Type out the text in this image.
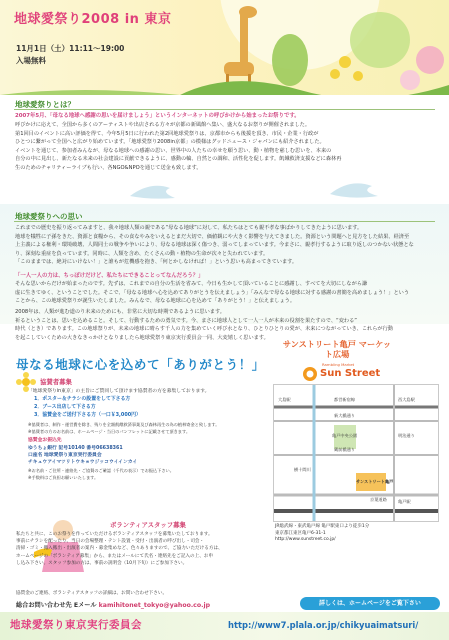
地球愛祭り2008 in 東京
11月1日（土）11:11～19:00
入場無料
地球愛祭りとは？
2007年5月、「母なる地球へ感謝の思いを届けましょう」というインターネットの呼びかけから始まったお祭りです。

呼びかけに応えて、全国から多くのアーティストや出店される方々が京都の新風館へ集い、盛大なるお祭りが開催されました。
第1回目のイベントに高い評価を得て、今年5月5日に行われた第2回地球愛祭りは、京都市からも後援を頂き、市民・企業・行政が
ひとつに繋がって全国へと広がり始めています。「地球愛祭り2008in京都」の模様はグッドニュース・ジャパンにも紹介されました。
イベントを通じて、参加者みんなが、母なる地球への感謝の思い、世界中の人たちの幸せを願う思い、動・植物を慈しむ思いを、本来の
自分の中に見出し、新たなる未来の社会建設に貢献できるように、感動の輪、自然との調和、活性化を促します。飢餓救済支援などに森林再
生のためのチャリティーライブも行い、各NGO&NPOを通じて送金も致します。

地球愛祭りへの思い

これまでの歴史を振り返ってみますと、我々地球人類の親である“母なる地球”に対して、私たちはとても親不孝な事ばかりしてきたように思います。
地球を犠牲に子孫をきた、資源と食糧から、その食なやみをいえるとまだ大切で、価値観にや大きく影響を与えてきました。資源という問題へと見方をした結果、経済至
上主義による権利・環境破壊、人間同士の戦争や争いにより、母なる地球は深く傷つき、弱ってしまっています。今まさに、親孝行するように取り返しのつかない状態とな
り、深刻な重症を負っています。同時に、人類を含め、たくさんの動・植物の生命が次々と失われています。
「このままでは、絶対にいけない！」と誰もが危機感を抱き、「何とかしなければ！」という思いも高まってきています。

「一人一人の力は、ちっぽけだけど、私たちにできることってなんだろう？」

そんな思いからだけが始まったのです。先ずは、これまでの自分の生活を省みて、今日も生かして頂いていることに感謝し、すべてを大切にしながら謙
虚に生きてゆく、ということでした。そこで、「母なる地球へ心を込めてありがとうを伝えましょう」「みんなで母なる地球に対する感謝の書簡を高めましょう！」という
ことから、この地球愛祭りが誕生いたしました。みんなで、母なる地球に心を込めて「ありがとう！」と伝えましょう。

2008年は、人類が進む道のり未来のためにも、非常に大切な時期であるように思います。
祈るということは、思いを込めること。そして、行動するための勇気です。今、まさに地球人として一人一人が本来の役割を果たすので、“変わる”
時代（とき）であります。この地球祭りが、未来の地球に晴らす千人の力を集めていく呼び水となり、ひとりひとりの愛が、未来につながっていき、これらが行動
を起こしていくための大きなきっかけとなりましたら地球愛祭り東京実行委員会一同、大変嬉しく思います。

母なる地球に心を込めて「ありがとう！」
協賛者募集
「地球愛祭りin東京」の主旨にご賛同して頂けます協賛者の方を募集しております。
1．ポスター＆チラシの設置をして下さる方
2．ブース出店して下さる方
3．協賛金をご送付下さる方（一口￥3,000円）

※協賛者は、制作・運営費を除き、残りを全額飢餓救済事業及び森林再生の為の植林寄金と致します。
※協賛者の方のお名前は、ホームページ・当日のパンフレットに記載させて頂きます。

協賛金お振込先
ゆうちょ銀行 記号10140 番号06638361
口座名 地球愛祭り東京実行委員会
チキュウアイマツリトウキョウジッコウイインカイ

※お名前・ご住所・連絡先・ご協賛のご確認（千代の表示）でお振込下さい。
※手数料はご負担お願いいたします。

サンストリート亀戸 マーケット広場
Rambling Market
Sun Street
大島駅	都営新宿線	西大島駅
新大橋通り
明治通り
蔵前橋通り
横十間川
京葉道路	亀戸駅
JR総武線
サンストリート亀戸
亀戸中央公園

JR総武線・東武亀戸線 亀戸駅東口より徒歩1分
東京都江東区亀戸6-31-1
http://www.sunstreet.co.jp/

ボランティアスタッフ募集

私たちと共に、このお祭りを作っていただけるボランティアスタッフを募集いたしております。
事前にチラシを配ったり、当日の会場整理・テント設置・受付・出演者の呼び出し・司会・
清掃・ゴミ・搬入搬出・出演者の案内・募金集めなど、色々ありますので、ご協力いただける方は、
ホームページの「ボランティア募集」から、またはメールにて氏名・連絡先をご記入の上、お申
し込み下さい。スタッフ参加の方は、事前の説明会（10月下旬）にご参加下さい。

協賛金のご連絡、ボランティアスタッフの詳細は、お問い合わせ下さい。
総合お問い合わせ先 Eメール kamihitonet_tokyo@yahoo.co.jp	詳しくは、ホームページをご覧下さい
地球愛祭り東京実行委員会	http://www7.plala.or.jp/chikyuaimatsuri/
